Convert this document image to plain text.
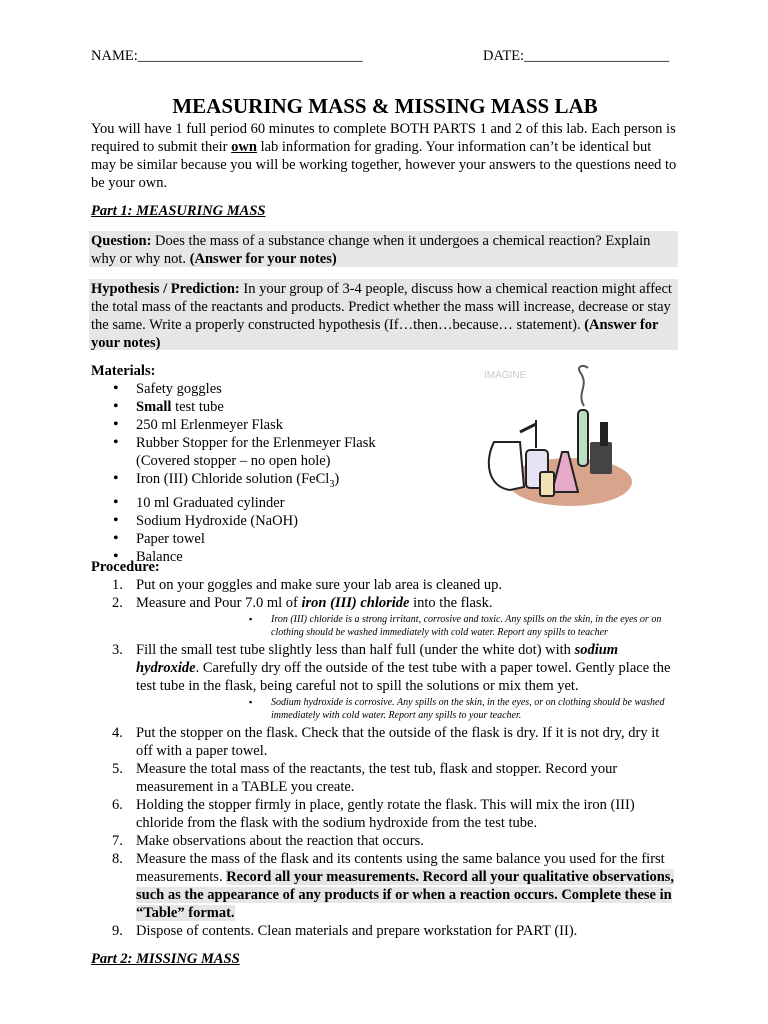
NAME:_______________________________	DATE:____________________
MEASURING MASS & MISSING MASS LAB
You will have 1 full period 60 minutes to complete BOTH PARTS 1 and 2 of this lab. Each person is required to submit their own lab information for grading. Your information can’t be identical but may be similar because you will be working together, however your answers to the questions need to be your own.
Part 1: MEASURING MASS
Question: Does the mass of a substance change when it undergoes a chemical reaction? Explain why or why not. (Answer for your notes)
Hypothesis / Prediction: In your group of 3-4 people, discuss how a chemical reaction might affect the total mass of the reactants and products. Predict whether the mass will increase, decrease or stay the same. Write a properly constructed hypothesis (If…then…because… statement). (Answer for your notes)
Materials:
• Safety goggles
• Small test tube
• 250 ml Erlenmeyer Flask
• Rubber Stopper for the Erlenmeyer Flask
(Covered stopper – no open hole)
• Iron (III) Chloride solution (FeCl$_3$)
• 10 ml Graduated cylinder
• Sodium Hydroxide (NaOH)
• Paper towel
• Balance
IMAGINE
Procedure:
1. Put on your goggles and make sure your lab area is cleaned up.
2. Measure and Pour 7.0 ml of iron (III) chloride into the flask.
▪ Iron (III) chloride is a strong irritant, corrosive and toxic. Any spills on the skin, in the eyes or on clothing should be washed immediately with cold water. Report any spills to teacher
3. Fill the small test tube slightly less than half full (under the white dot) with sodium hydroxide. Carefully dry off the outside of the test tube with a paper towel. Gently place the test tube in the flask, being careful not to spill the solutions or mix them yet.
▪ Sodium hydroxide is corrosive. Any spills on the skin, in the eyes, or on clothing should be washed immediately with cold water. Report any spills to your teacher.
4. Put the stopper on the flask. Check that the outside of the flask is dry. If it is not dry, dry it off with a paper towel.
5. Measure the total mass of the reactants, the test tub, flask and stopper. Record your measurement in a TABLE you create.
6. Holding the stopper firmly in place, gently rotate the flask. This will mix the iron (III) chloride from the flask with the sodium hydroxide from the test tube.
7. Make observations about the reaction that occurs.
8. Measure the mass of the flask and its contents using the same balance you used for the first measurements. Record all your measurements. Record all your qualitative observations, such as the appearance of any products if or when a reaction occurs. Complete these in “Table” format.
9. Dispose of contents. Clean materials and prepare workstation for PART (II).
Part 2: MISSING MASS
